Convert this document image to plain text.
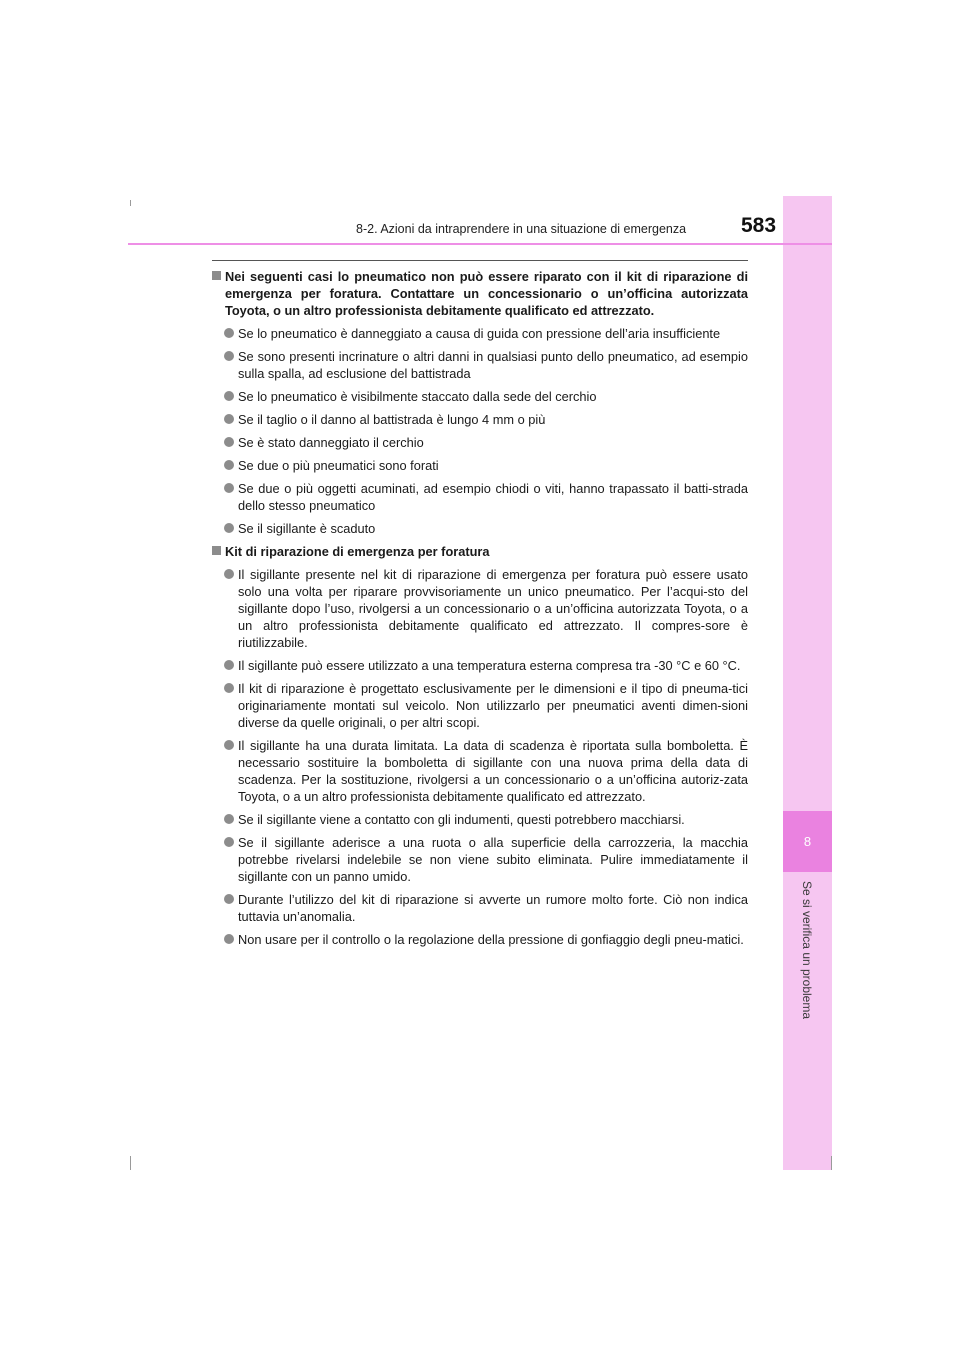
8
Se si verifica un problema
8-2. Azioni da intraprendere in una situazione di emergenza	583
Nei seguenti casi lo pneumatico non può essere riparato con il kit di riparazione di emergenza per foratura. Contattare un concessionario o un’officina autorizzata Toyota, o un altro professionista debitamente qualificato ed attrezzato.
Se lo pneumatico è danneggiato a causa di guida con pressione dell’aria insufficiente
Se sono presenti incrinature o altri danni in qualsiasi punto dello pneumatico, ad esempio sulla spalla, ad esclusione del battistrada
Se lo pneumatico è visibilmente staccato dalla sede del cerchio
Se il taglio o il danno al battistrada è lungo 4 mm o più
Se è stato danneggiato il cerchio
Se due o più pneumatici sono forati
Se due o più oggetti acuminati, ad esempio chiodi o viti, hanno trapassato il batti-strada dello stesso pneumatico
Se il sigillante è scaduto
Kit di riparazione di emergenza per foratura
Il sigillante presente nel kit di riparazione di emergenza per foratura può essere usato solo una volta per riparare provvisoriamente un unico pneumatico. Per l’acqui-sto del sigillante dopo l’uso, rivolgersi a un concessionario o a un’officina autorizzata Toyota, o a un altro professionista debitamente qualificato ed attrezzato. Il compres-sore è riutilizzabile.
Il sigillante può essere utilizzato a una temperatura esterna compresa tra -30 °C e 60 °C.
Il kit di riparazione è progettato esclusivamente per le dimensioni e il tipo di pneuma-tici originariamente montati sul veicolo. Non utilizzarlo per pneumatici aventi dimen-sioni diverse da quelle originali, o per altri scopi.
Il sigillante ha una durata limitata. La data di scadenza è riportata sulla bomboletta. È necessario sostituire la bomboletta di sigillante con una nuova prima della data di scadenza. Per la sostituzione, rivolgersi a un concessionario o a un’officina autoriz-zata Toyota, o a un altro professionista debitamente qualificato ed attrezzato.
Se il sigillante viene a contatto con gli indumenti, questi potrebbero macchiarsi.
Se il sigillante aderisce a una ruota o alla superficie della carrozzeria, la macchia potrebbe rivelarsi indelebile se non viene subito eliminata. Pulire immediatamente il sigillante con un panno umido.
Durante l’utilizzo del kit di riparazione si avverte un rumore molto forte. Ciò non indica tuttavia un’anomalia.
Non usare per il controllo o la regolazione della pressione di gonfiaggio degli pneu-matici.
